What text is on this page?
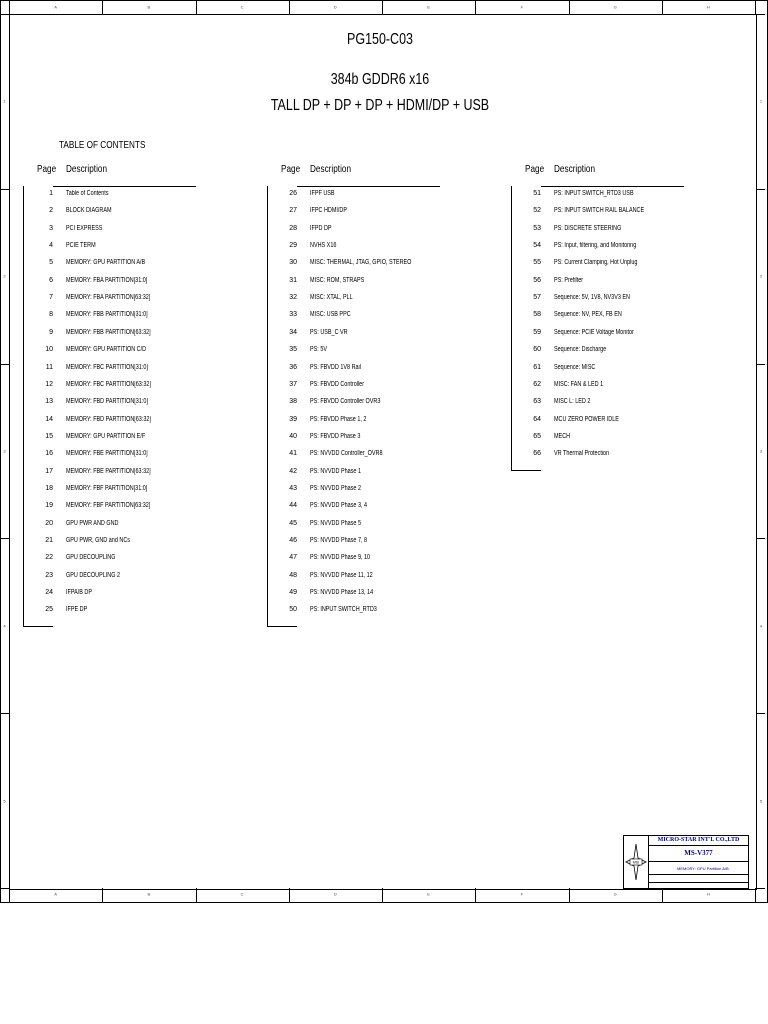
A
A
B
B
C
C
D
D
E
E
F
F
G
G
H
H
1	1
2	2
3	3
4	4
5	5
PG150-C03
384b GDDR6 x16
TALL DP + DP + DP + HDMI/DP + USB
TABLE OF CONTENTS
Page Description
1 Table of Contents
2 BLOCK DIAGRAM
3 PCI EXPRESS
4 PCIE TERM
5 MEMORY: GPU PARTITION A/B
6 MEMORY: FBA PARTITION[31:0]
7 MEMORY: FBA PARTITION[63:32]
8 MEMORY: FBB PARTITION[31:0]
9 MEMORY: FBB PARTITION[63:32]
10 MEMORY: GPU PARTITION C/D
11 MEMORY: FBC PARTITION[31:0]
12 MEMORY: FBC PARTITION[63:32]
13 MEMORY: FBD PARTITION[31:0]
14 MEMORY: FBD PARTITION[63:32]
15 MEMORY: GPU PARTITION E/F
16 MEMORY: FBE PARTITION[31:0]
17 MEMORY: FBE PARTITION[63:32]
18 MEMORY: FBF PARTITION[31:0]
19 MEMORY: FBF PARTITION[63:32]
20 GPU PWR AND GND
21 GPU PWR, GND and NCs
22 GPU DECOUPLING
23 GPU DECOUPLING 2
24 IFPA/B DP
25 IFPE DP
Page Description
26 IFPF USB
27 IFPC HDMI/DP
28 IFPD DP
29 NVHS X16
30 MISC: THERMAL, JTAG, GPIO, STEREO
31 MISC: ROM, STRAPS
32 MISC: XTAL, PLL
33 MISC: USB PPC
34 PS: USB_C VR
35 PS: 5V
36 PS: FBVDD 1V8 Rail
37 PS: FBVDD Controller
38 PS: FBVDD Controller OVR3
39 PS: FBVDD Phase 1, 2
40 PS: FBVDD Phase 3
41 PS: NVVDD Controller_OVR8
42 PS: NVVDD Phase 1
43 PS: NVVDD Phase 2
44 PS: NVVDD Phase 3, 4
45 PS: NVVDD Phase 5
46 PS: NVVDD Phase 7, 8
47 PS: NVVDD Phase 9, 10
48 PS: NVVDD Phase 11, 12
49 PS: NVVDD Phase 13, 14
50 PS: INPUT SWITCH_RTD3
Page Description
51 PS: INPUT SWITCH_RTD3 USB
52 PS: INPUT SWITCH RAIL BALANCE
53 PS: DISCRETE STEERING
54 PS: Input, filtering, and Monitoring
55 PS: Current Clamping, Hot Unplug
56 PS: Prefilter
57 Sequence: 5V, 1V8, NV3V3 EN
58 Sequence: NV, PEX, FB EN
59 Sequence: PCIE Voltage Monitor
60 Sequence: Discharge
61 Sequence: MISC
62 MISC: FAN & LED 1
63 MISC L: LED 2
64 MCU ZERO POWER IDLE
65 MECH
66 VR Thermal Protection
MSI
MICRO-STAR INT'L CO.,LTD
MS-V377
MEMORY: GPU Partition A/B
